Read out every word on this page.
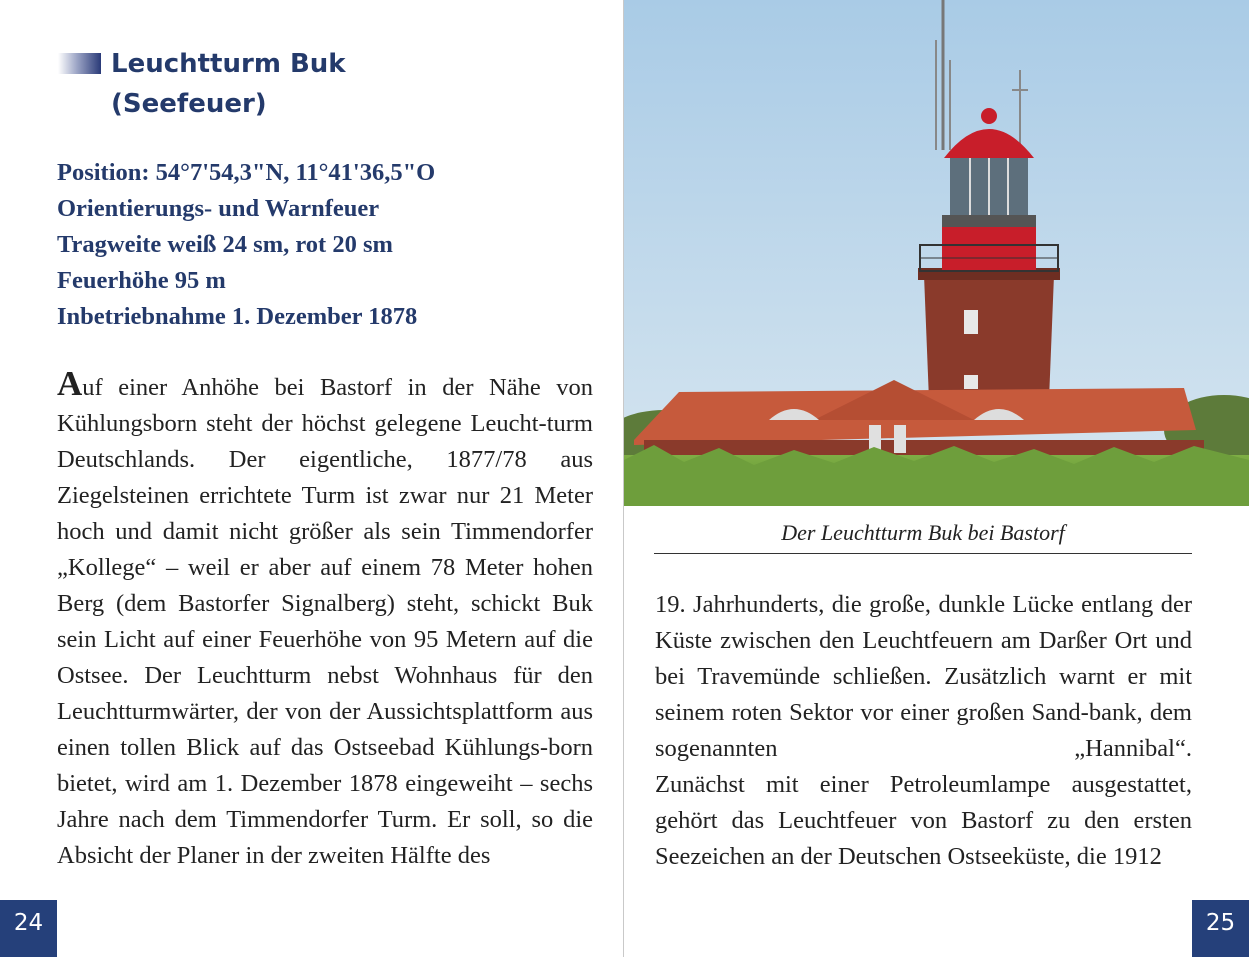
Leuchtturm Buk
(Seefeuer)
Position: 54°7'54,3"N, 11°41'36,5"O
Orientierungs- und Warnfeuer
Tragweite weiß 24 sm, rot 20 sm
Feuerhöhe 95 m
Inbetriebnahme 1. Dezember 1878

Auf einer Anhöhe bei Bastorf in der Nähe von Kühlungsborn steht der höchst gelegene Leucht-turm Deutschlands. Der eigentliche, 1877/78 aus Ziegelsteinen errichtete Turm ist zwar nur 21 Meter hoch und damit nicht größer als sein Timmendorfer „Kollege“ – weil er aber auf einem 78 Meter hohen Berg (dem Bastorfer Signalberg) steht, schickt Buk sein Licht auf einer Feuerhöhe von 95 Metern auf die Ostsee. Der Leuchtturm nebst Wohnhaus für den Leuchtturmwärter, der von der Aussichtsplattform aus einen tollen Blick auf das Ostseebad Kühlungs-born bietet, wird am 1. Dezember 1878 eingeweiht – sechs Jahre nach dem Timmendorfer Turm. Er soll, so die Absicht der Planer in der zweiten Hälfte des

24
Der Leuchtturm Buk bei Bastorf
19. Jahrhunderts, die große, dunkle Lücke entlang der Küste zwischen den Leuchtfeuern am Darßer Ort und bei Travemünde schließen. Zusätzlich warnt er mit seinem roten Sektor vor einer großen Sand-bank, dem sogenannten „Hannibal“.
Zunächst mit einer Petroleumlampe ausgestattet, gehört das Leuchtfeuer von Bastorf zu den ersten Seezeichen an der Deutschen Ostseeküste, die 1912
25
